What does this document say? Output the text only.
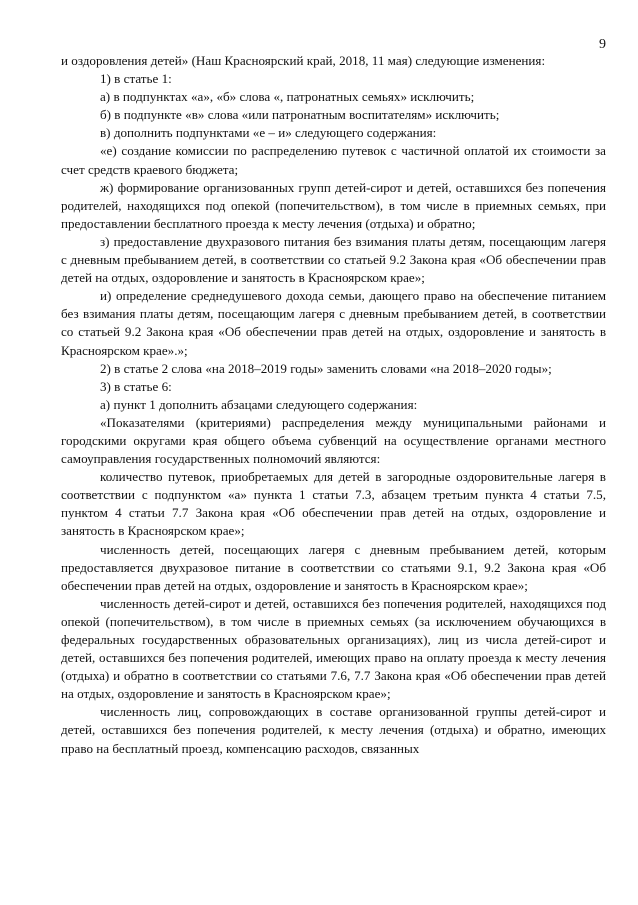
9

и оздоровления детей» (Наш Красноярский край, 2018, 11 мая) следующие изменения:

1) в статье 1:

а) в подпунктах «а», «б» слова «, патронатных семьях» исключить;

б) в подпункте «в» слова «или патронатным воспитателям» исключить;

в) дополнить подпунктами «е – и» следующего содержания:

«е) создание комиссии по распределению путевок с частичной оплатой их стоимости за счет средств краевого бюджета;

ж) формирование организованных групп детей-сирот и детей, оставшихся без попечения родителей, находящихся под опекой (попечительством), в том числе в приемных семьях, при предоставлении бесплатного проезда к месту лечения (отдыха) и обратно;

з) предоставление двухразового питания без взимания платы детям, посещающим лагеря с дневным пребыванием детей, в соответствии со статьей 9.2 Закона края «Об обеспечении прав детей на отдых, оздоровление и занятость в Красноярском крае»;

и) определение среднедушевого дохода семьи, дающего право на обеспечение питанием без взимания платы детям, посещающим лагеря с дневным пребыванием детей, в соответствии со статьей 9.2 Закона края «Об обеспечении прав детей на отдых, оздоровление и занятость в Красноярском крае».»;

2) в статье 2 слова «на 2018–2019 годы» заменить словами «на 2018–2020 годы»;

3) в статье 6:

а) пункт 1 дополнить абзацами следующего содержания:

«Показателями (критериями) распределения между муниципальными районами и городскими округами края общего объема субвенций на осуществление органами местного самоуправления государственных полномочий являются:

количество путевок, приобретаемых для детей в загородные оздоровительные лагеря в соответствии с подпунктом «а» пункта 1 статьи 7.3, абзацем третьим пункта 4 статьи 7.5, пунктом 4 статьи 7.7 Закона края «Об обеспечении прав детей на отдых, оздоровление и занятость в Красноярском крае»;

численность детей, посещающих лагеря с дневным пребыванием детей, которым предоставляется двухразовое питание в соответствии со статьями 9.1, 9.2 Закона края «Об обеспечении прав детей на отдых, оздоровление и занятость в Красноярском крае»;

численность детей-сирот и детей, оставшихся без попечения родителей, находящихся под опекой (попечительством), в том числе в приемных семьях (за исключением обучающихся в федеральных государственных образовательных организациях), лиц из числа детей-сирот и детей, оставшихся без попечения родителей, имеющих право на оплату проезда к месту лечения (отдыха) и обратно в соответствии со статьями 7.6, 7.7 Закона края «Об обеспечении прав детей на отдых, оздоровление и занятость в Красноярском крае»;

численность лиц, сопровождающих в составе организованной группы детей-сирот и детей, оставшихся без попечения родителей, к месту лечения (отдыха) и обратно, имеющих право на бесплатный проезд, компенсацию расходов, связанных
